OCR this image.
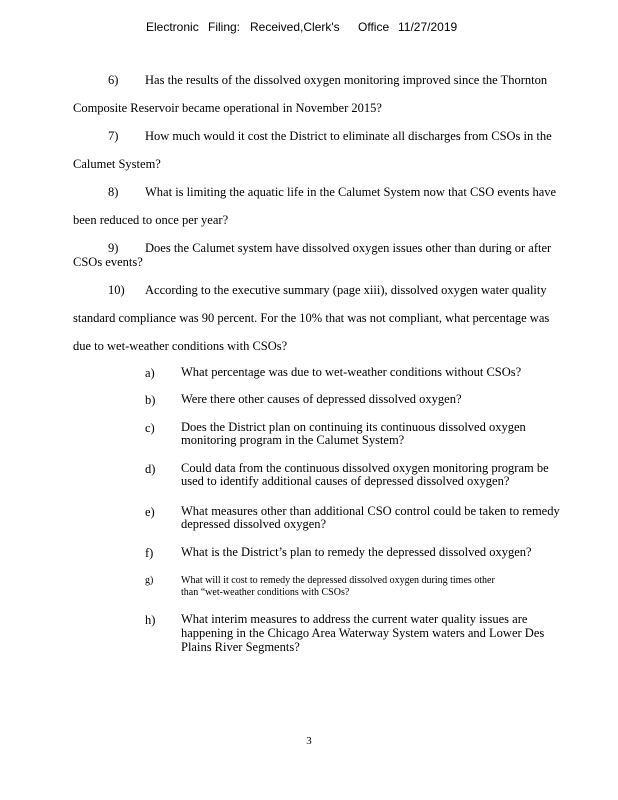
Electronic Filing: Received,Clerk's Office 11/27/2019
6) Has the results of the dissolved oxygen monitoring improved since the Thornton
Composite Reservoir became operational in November 2015?
7) How much would it cost the District to eliminate all discharges from CSOs in the
Calumet System?
8) What is limiting the aquatic life in the Calumet System now that CSO events have
been reduced to once per year?
9) Does the Calumet system have dissolved oxygen issues other than during or after
CSOs events?
10) According to the executive summary (page xiii), dissolved oxygen water quality
standard compliance was 90 percent. For the 10% that was not compliant, what percentage was
due to wet-weather conditions with CSOs?
a) What percentage was due to wet-weather conditions without CSOs?
b) Were there other causes of depressed dissolved oxygen?
c) Does the District plan on continuing its continuous dissolved oxygen
monitoring program in the Calumet System?
d) Could data from the continuous dissolved oxygen monitoring program be
used to identify additional causes of depressed dissolved oxygen?
e) What measures other than additional CSO control could be taken to remedy
depressed dissolved oxygen?
f) What is the District’s plan to remedy the depressed dissolved oxygen?
g)	What will it cost to remedy the depressed dissolved oxygen during times other
than “wet-weather conditions with CSOs?
h) What interim measures to address the current water quality issues are
happening in the Chicago Area Waterway System waters and Lower Des
Plains River Segments?
3
